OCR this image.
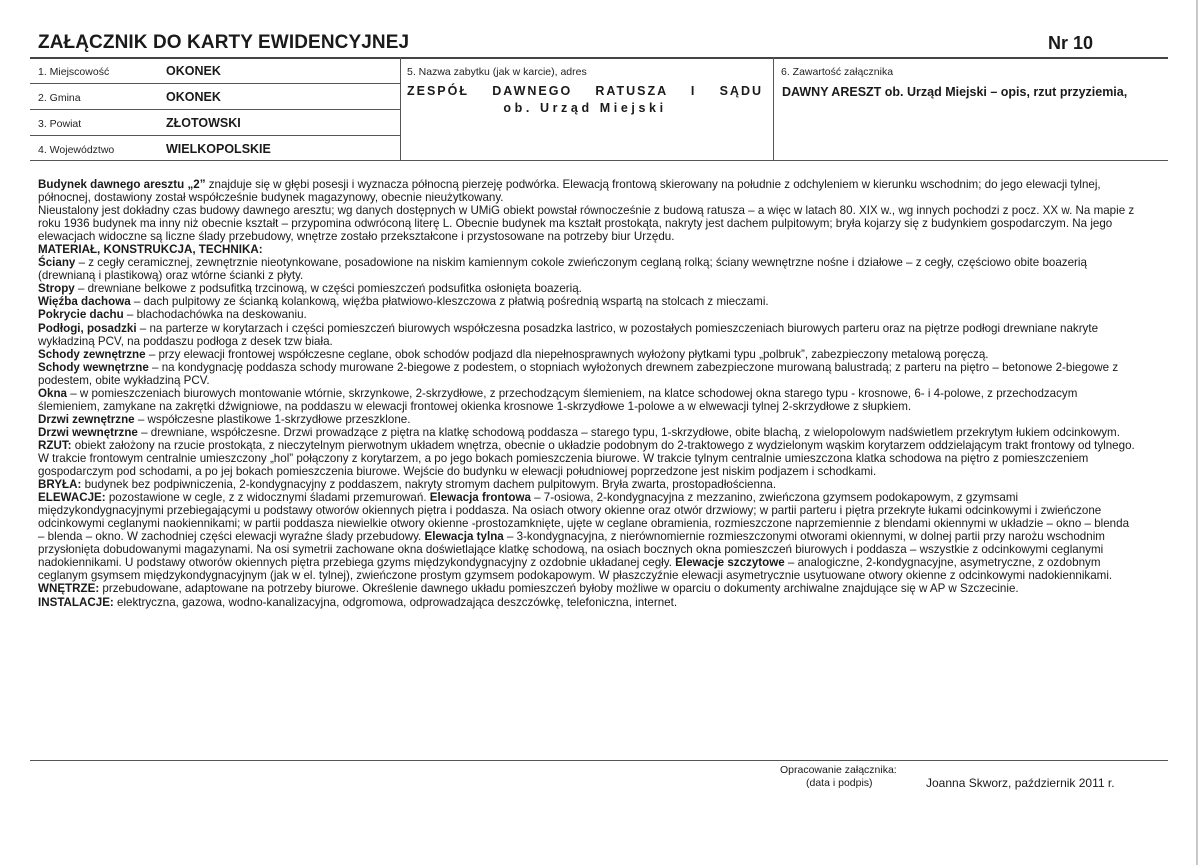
ZAŁĄCZNIK DO KARTY EWIDENCYJNEJ	Nr 10
1. Miejscowość	OKONEK
2. Gmina	OKONEK
3. Powiat	ZŁOTOWSKI
4. Województwo	WIELKOPOLSKIE
5. Nazwa zabytku (jak w karcie), adres
ZESPÓŁ DAWNEGO RATUSZA I SĄDU
ob. Urząd Miejski
6. Zawartość załącznika
DAWNY ARESZT ob. Urząd Miejski – opis, rzut przyziemia,

Budynek dawnego aresztu „2” znajduje się w głębi posesji i wyznacza północną pierzeję podwórka. Elewacją frontową skierowany na południe z odchyleniem w kierunku wschodnim; do jego elewacji tylnej, północnej, dostawiony został współcześnie budynek magazynowy, obecnie nieużytkowany.

Nieustalony jest dokładny czas budowy dawnego aresztu; wg danych dostępnych w UMiG obiekt powstał równocześnie z budową ratusza – a więc w latach 80. XIX w., wg innych pochodzi z pocz. XX w. Na mapie z roku 1936 budynek ma inny niż obecnie kształt – przypomina odwróconą literę L. Obecnie budynek ma kształt prostokąta, nakryty jest dachem pulpitowym; bryła kojarzy się z budynkiem gospodarczym. Na jego elewacjach widoczne są liczne ślady przebudowy, wnętrze zostało przekształcone i przystosowane na potrzeby biur Urzędu.

MATERIAŁ, KONSTRUKCJA, TECHNIKA:

Ściany – z cegły ceramicznej, zewnętrznie nieotynkowane, posadowione na niskim kamiennym cokole zwieńczonym ceglaną rolką; ściany wewnętrzne nośne i działowe – z cegły, częściowo obite boazerią (drewnianą i plastikową) oraz wtórne ścianki z płyty.

Stropy – drewniane belkowe z podsufitką trzcinową, w części pomieszczeń podsufitka osłonięta boazerią.

Więźba dachowa – dach pulpitowy ze ścianką kolankową, więźba płatwiowo-kleszczowa z płatwią pośrednią wspartą na stolcach z mieczami.

Pokrycie dachu – blachodachówka na deskowaniu.

Podłogi, posadzki – na parterze w korytarzach i części pomieszczeń biurowych współczesna posadzka lastrico, w pozostałych pomieszczeniach biurowych parteru oraz na piętrze podłogi drewniane nakryte wykładziną PCV, na poddaszu podłoga z desek tzw biała.

Schody zewnętrzne – przy elewacji frontowej współczesne ceglane, obok schodów podjazd dla niepełnosprawnych wyłożony płytkami typu „polbruk”, zabezpieczony metalową poręczą.

Schody wewnętrzne – na kondygnację poddasza schody murowane 2-biegowe z podestem, o stopniach wyłożonych drewnem zabezpieczone murowaną balustradą; z parteru na piętro – betonowe 2-biegowe z podestem, obite wykładziną PCV.

Okna – w pomieszczeniach biurowych montowanie wtórnie, skrzynkowe, 2-skrzydłowe, z przechodzącym ślemieniem, na klatce schodowej okna starego typu - krosnowe, 6- i 4-polowe, z przechodzacym ślemieniem, zamykane na zakrętki dźwigniowe, na poddaszu w elewacji frontowej okienka krosnowe 1-skrzydłowe 1-polowe a w elwewacji tylnej 2-skrzydłowe z słupkiem.

Drzwi zewnętrzne – współczesne plastikowe 1-skrzydłowe przeszklone.

Drzwi wewnętrzne – drewniane, współczesne. Drzwi prowadzące z piętra na klatkę schodową poddasza – starego typu, 1-skrzydłowe, obite blachą, z wielopolowym nadświetlem przekrytym łukiem odcinkowym.

RZUT: obiekt założony na rzucie prostokąta, z nieczytelnym pierwotnym układem wnętrza, obecnie o układzie podobnym do 2-traktowego z wydzielonym wąskim korytarzem oddzielającym trakt frontowy od tylnego. W trakcie frontowym centralnie umieszczony „hol” połączony z korytarzem, a po jego bokach pomieszczenia biurowe. W trakcie tylnym centralnie umieszczona klatka schodowa na piętro z pomieszczeniem gospodarczym pod schodami, a po jej bokach pomieszczenia biurowe. Wejście do budynku w elewacji południowej poprzedzone jest niskim podjazem i schodkami.

BRYŁA: budynek bez podpiwniczenia, 2-kondygnacyjny z poddaszem, nakryty stromym dachem pulpitowym. Bryła zwarta, prostopadłościenna.

ELEWACJE: pozostawione w cegle, z z widocznymi śladami przemurowań. Elewacja frontowa – 7-osiowa, 2-kondygnacyjna z mezzanino, zwieńczona gzymsem podokapowym, z gzymsami międzykondygnacyjnymi przebiegającymi u podstawy otworów okiennych piętra i poddasza. Na osiach otwory okienne oraz otwór drzwiowy; w partii parteru i piętra przekryte łukami odcinkowymi i zwieńczone odcinkowymi ceglanymi naokiennikami; w partii poddasza niewielkie otwory okienne -prostozamknięte, ujęte w ceglane obramienia, rozmieszczone naprzemiennie z blendami okiennymi w układzie – okno – blenda – blenda – okno. W zachodniej części elewacji wyraźne ślady przebudowy. Elewacja tylna – 3-kondygnacyjna, z nierównomiernie rozmieszczonymi otworami okiennymi, w dolnej partii przy narożu wschodnim przysłonięta dobudowanymi magazynami. Na osi symetrii zachowane okna doświetlające klatkę schodową, na osiach bocznych okna pomieszczeń biurowych i poddasza – wszystkie z odcinkowymi ceglanymi nadokiennikami. U podstawy otworów okiennych piętra przebiega gzyms międzykondygnacyjny z ozdobnie układanej cegły. Elewacje szczytowe – analogiczne, 2-kondygnacyjne, asymetryczne, z ozdobnym ceglanym gsymsem międzykondygnacyjnym (jak w el. tylnej), zwieńczone prostym gzymsem podokapowym. W płaszczyźnie elewacji asymetrycznie usytuowane otwory okienne z odcinkowymi nadokiennikami.

WNĘTRZE: przebudowane, adaptowane na potrzeby biurowe. Określenie dawnego układu pomieszczeń byłoby możliwe w oparciu o dokumenty archiwalne znajdujące się w AP w Szczecinie.

INSTALACJE: elektryczna, gazowa, wodno-kanalizacyjna, odgromowa, odprowadzająca deszczówkę, telefoniczna, internet.

Opracowanie załącznika:
(data i podpis)	Joanna Skworz, październik 2011 r.
